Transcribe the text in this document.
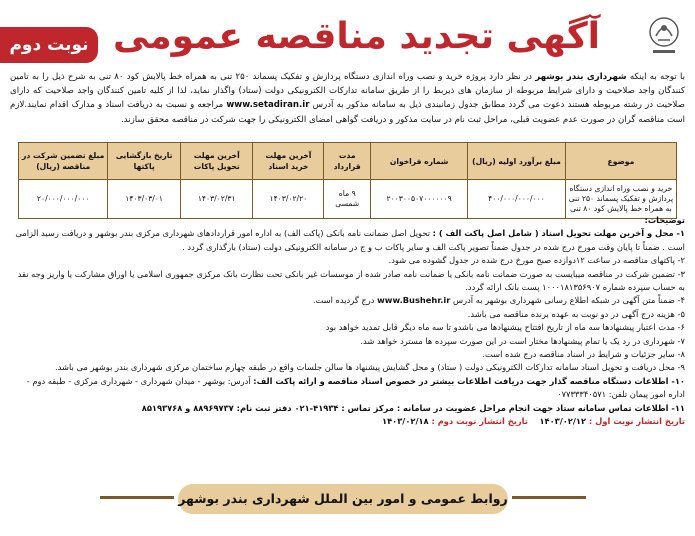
نوبت دوم آگهی تجدید مناقصه عمومی
با توجه به اینکه شهرداری بندر بوشهر در نظر دارد پروژه خرید و نصب وراه اندازی دستگاه پردازش و تفکیک پسماند ۲۵۰ تنی به همراه خط پالایش کود ۸۰ تنی به شرح ذیل را به تامین کنندگان واجد صلاحیت و دارای شرایط مربوطه از سازمان های ذیربط را از طریق سامانه تدارکات الکترونیکی دولت (ستاد) واگذار نماید، لذا از کلیه تامین کنندگان واجد صلاحیت که دارای صلاحیت در رشته مربوطه هستند دعوت می گردد مطابق جدول زمانبندی ذیل به سامانه مذکور به آدرس www.setadiran.ir مراجعه و نسبت به دریافت اسناد و مدارک اقدام نمایند.لازم است مناقصه گران در صورت عدم عضویت قبلی، مراحل ثبت نام در سایت مذکور و دریافت گواهی امضای الکترونیکی را جهت شرکت در مناقصه محقق سازند.
موضوع	مبلغ برآورد اولیه (ریال)	شماره فراخوان	مدت قرارداد	آخرین مهلت خرید اسناد	آخرین مهلت تحویل پاکات	تاریخ بازگشایی پاکتها	مبلغ تضمین شرکت در مناقصه (ریال)
خرید و نصب وراه اندازی دستگاه پردازش و تفکیک پسماند ۲۵۰ تنی به همراه خط پالایش کود ۸۰ تنی	۴۰۰/۰۰۰/۰۰۰/۰۰۰	۲۰۰۳۰۰۵۰۷۰۰۰۰۰۰۹	۹ ماه شمسی	۱۴۰۳/۰۲/۲۰	۱۴۰۳/۰۲/۳۱	۱۴۰۳/۰۳/۰۱	۲۰/۰۰۰/۰۰۰/۰۰۰

توضیحات:

۱- محل و آخرین مهلت تحویل اسناد ( شامل اصل پاکت الف ) : تحویل اصل ضمانت نامه بانکی (پاکت الف) به اداره امور قراردادهای شهرداری مرکزی بندر بوشهر و دریافت رسید الزامی است . ضمناً تا پایان وقت مورخ درج شده در جدول ضمناً تصویر پاکت الف و سایر پاکات ب و ج در سامانه الکترونیکی دولت (ستاد) بارگذاری گردد .

۲- پاکتهای مناقصه در ساعت ۱۲دوازده صبح مورخ درج شده در جدول گشوده می شود.

۳- تضمین شرکت در مناقصه میبایست به صورت ضمانت نامه بانکی یا ضمانت نامه صادر شده از موسسات غیر بانکی تحت نظارت بانک مرکزی جمهوری اسلامی یا اوراق مشارکت یا واریز وجه نقد به حساب سپرده شماره ۱۰۰۰۱۸۱۳۵۶۹۰۷ پست بانک ارائه گردد.

۴- ضمناً متن آگهی در شبکه اطلاع رسانی شهرداری بوشهر به آدرس www.Bushehr.ir درج گردیده است.

۵- هزینه درج آگهی در دو نوبت به عهده برنده مناقصه می باشد.

۶- مدت اعتبار پیشنهادها سه ماه از تاریخ افتتاح پیشنهادها می باشدو تا سه ماه دیگر قابل تمدید خواهد بود

۷- شهرداری در رد یک یا تمام پیشنهادها مختار است در این صورت سپرده ها مسترد خواهد شد.

۸- سایر جزئیات و شرایط در اسناد مناقصه درج شده است.

۹- محل دریافت و تحویل اسناد سامانه تدارکات الکترونیکی دولت ( ستاد) و محل گشایش پیشنهاد ها سالن جلسات واقع در طبقه چهارم ساختمان مرکزی شهرداری بندر بوشهر می باشد.

۱۰- اطلاعات دستگاه مناقصه گذار جهت دریافت اطلاعات بیشتر در خصوص اسناد مناقصه و ارائه پاکت الف: آدرس: بوشهر - میدان شهرداری - شهرداری مرکزی - طبقه دوم - اداره امور پیمان تلفن: ۰۷۷۳۳۳۴۰۵۷۱

۱۱- اطلاعات تماس سامانه ستاد جهت انجام مراحل عضویت در سامانه : مرکز تماس : ۴۱۹۳۴-۰۲۱ دفتر ثبت نام: ۸۸۹۶۹۷۳۷ و ۸۵۱۹۳۷۶۸

تاریخ انتشار نوبت اول : ۱۴۰۳/۰۲/۱۲    تاریخ انتشار نوبت دوم : ۱۴۰۳/۰۲/۱۸

روابط عمومی و امور بین الملل شهرداری بندر بوشهر
